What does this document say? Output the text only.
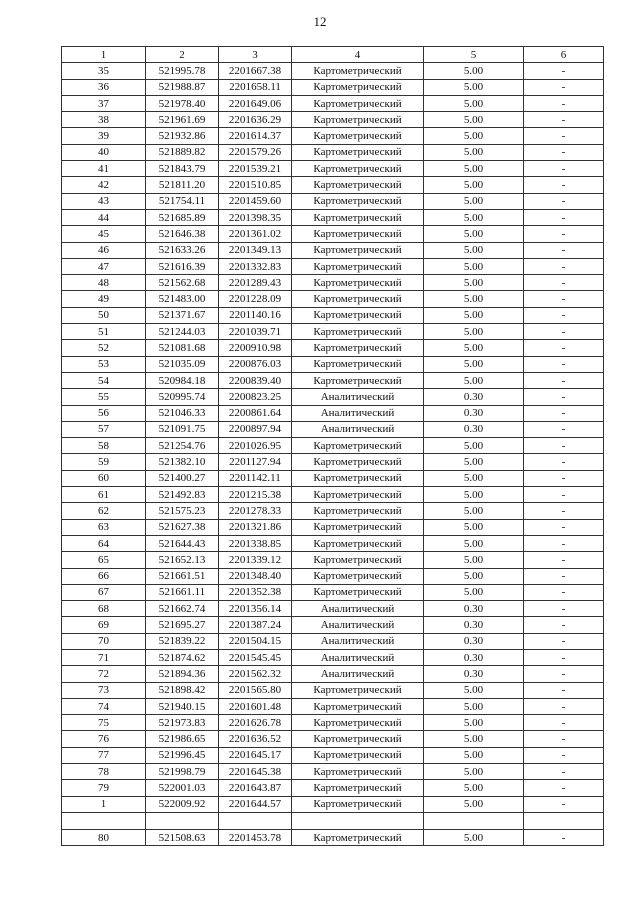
12
1	2	3	4	5	6
35	521995.78	2201667.38	Картометрический	5.00	-
36	521988.87	2201658.11	Картометрический	5.00	-
37	521978.40	2201649.06	Картометрический	5.00	-
38	521961.69	2201636.29	Картометрический	5.00	-
39	521932.86	2201614.37	Картометрический	5.00	-
40	521889.82	2201579.26	Картометрический	5.00	-
41	521843.79	2201539.21	Картометрический	5.00	-
42	521811.20	2201510.85	Картометрический	5.00	-
43	521754.11	2201459.60	Картометрический	5.00	-
44	521685.89	2201398.35	Картометрический	5.00	-
45	521646.38	2201361.02	Картометрический	5.00	-
46	521633.26	2201349.13	Картометрический	5.00	-
47	521616.39	2201332.83	Картометрический	5.00	-
48	521562.68	2201289.43	Картометрический	5.00	-
49	521483.00	2201228.09	Картометрический	5.00	-
50	521371.67	2201140.16	Картометрический	5.00	-
51	521244.03	2201039.71	Картометрический	5.00	-
52	521081.68	2200910.98	Картометрический	5.00	-
53	521035.09	2200876.03	Картометрический	5.00	-
54	520984.18	2200839.40	Картометрический	5.00	-
55	520995.74	2200823.25	Аналитический	0.30	-
56	521046.33	2200861.64	Аналитический	0.30	-
57	521091.75	2200897.94	Аналитический	0.30	-
58	521254.76	2201026.95	Картометрический	5.00	-
59	521382.10	2201127.94	Картометрический	5.00	-
60	521400.27	2201142.11	Картометрический	5.00	-
61	521492.83	2201215.38	Картометрический	5.00	-
62	521575.23	2201278.33	Картометрический	5.00	-
63	521627.38	2201321.86	Картометрический	5.00	-
64	521644.43	2201338.85	Картометрический	5.00	-
65	521652.13	2201339.12	Картометрический	5.00	-
66	521661.51	2201348.40	Картометрический	5.00	-
67	521661.11	2201352.38	Картометрический	5.00	-
68	521662.74	2201356.14	Аналитический	0.30	-
69	521695.27	2201387.24	Аналитический	0.30	-
70	521839.22	2201504.15	Аналитический	0.30	-
71	521874.62	2201545.45	Аналитический	0.30	-
72	521894.36	2201562.32	Аналитический	0.30	-
73	521898.42	2201565.80	Картометрический	5.00	-
74	521940.15	2201601.48	Картометрический	5.00	-
75	521973.83	2201626.78	Картометрический	5.00	-
76	521986.65	2201636.52	Картометрический	5.00	-
77	521996.45	2201645.17	Картометрический	5.00	-
78	521998.79	2201645.38	Картометрический	5.00	-
79	522001.03	2201643.87	Картометрический	5.00	-
1	522009.92	2201644.57	Картометрический	5.00	-

80	521508.63	2201453.78	Картометрический	5.00	-
